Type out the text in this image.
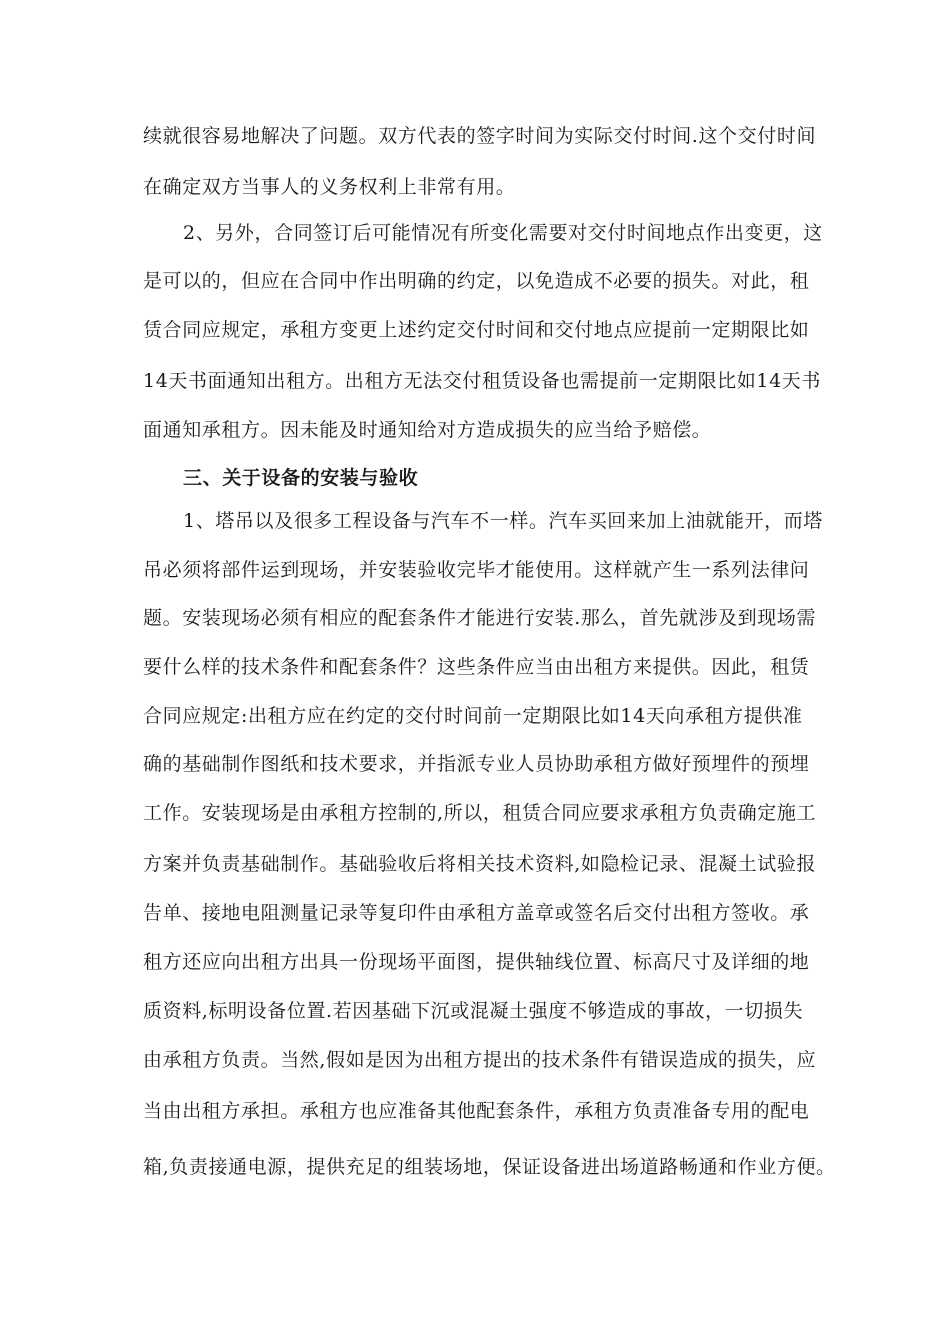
续就很容易地解决了问题。双方代表的签字时间为实际交付时间.这个交付时间
在确定双方当事人的义务权利上非常有用。
2、另外，合同签订后可能情况有所变化需要对交付时间地点作出变更，这
是可以的，但应在合同中作出明确的约定，以免造成不必要的损失。对此，租
赁合同应规定，承租方变更上述约定交付时间和交付地点应提前一定期限比如
14天书面通知出租方。出租方无法交付租赁设备也需提前一定期限比如14天书
面通知承租方。因未能及时通知给对方造成损失的应当给予赔偿。
三、关于设备的安装与验收
1、塔吊以及很多工程设备与汽车不一样。汽车买回来加上油就能开，而塔
吊必须将部件运到现场，并安装验收完毕才能使用。这样就产生一系列法律问
题。安装现场必须有相应的配套条件才能进行安装.那么，首先就涉及到现场需
要什么样的技术条件和配套条件？这些条件应当由出租方来提供。因此，租赁
合同应规定:出租方应在约定的交付时间前一定期限比如14天向承租方提供准
确的基础制作图纸和技术要求，并指派专业人员协助承租方做好预埋件的预埋
工作。安装现场是由承租方控制的,所以，租赁合同应要求承租方负责确定施工
方案并负责基础制作。基础验收后将相关技术资料,如隐检记录、混凝土试验报
告单、接地电阻测量记录等复印件由承租方盖章或签名后交付出租方签收。承
租方还应向出租方出具一份现场平面图，提供轴线位置、标高尺寸及详细的地
质资料,标明设备位置.若因基础下沉或混凝土强度不够造成的事故，一切损失
由承租方负责。当然,假如是因为出租方提出的技术条件有错误造成的损失，应
当由出租方承担。承租方也应准备其他配套条件，承租方负责准备专用的配电
箱,负责接通电源，提供充足的组装场地，保证设备进出场道路畅通和作业方便。
